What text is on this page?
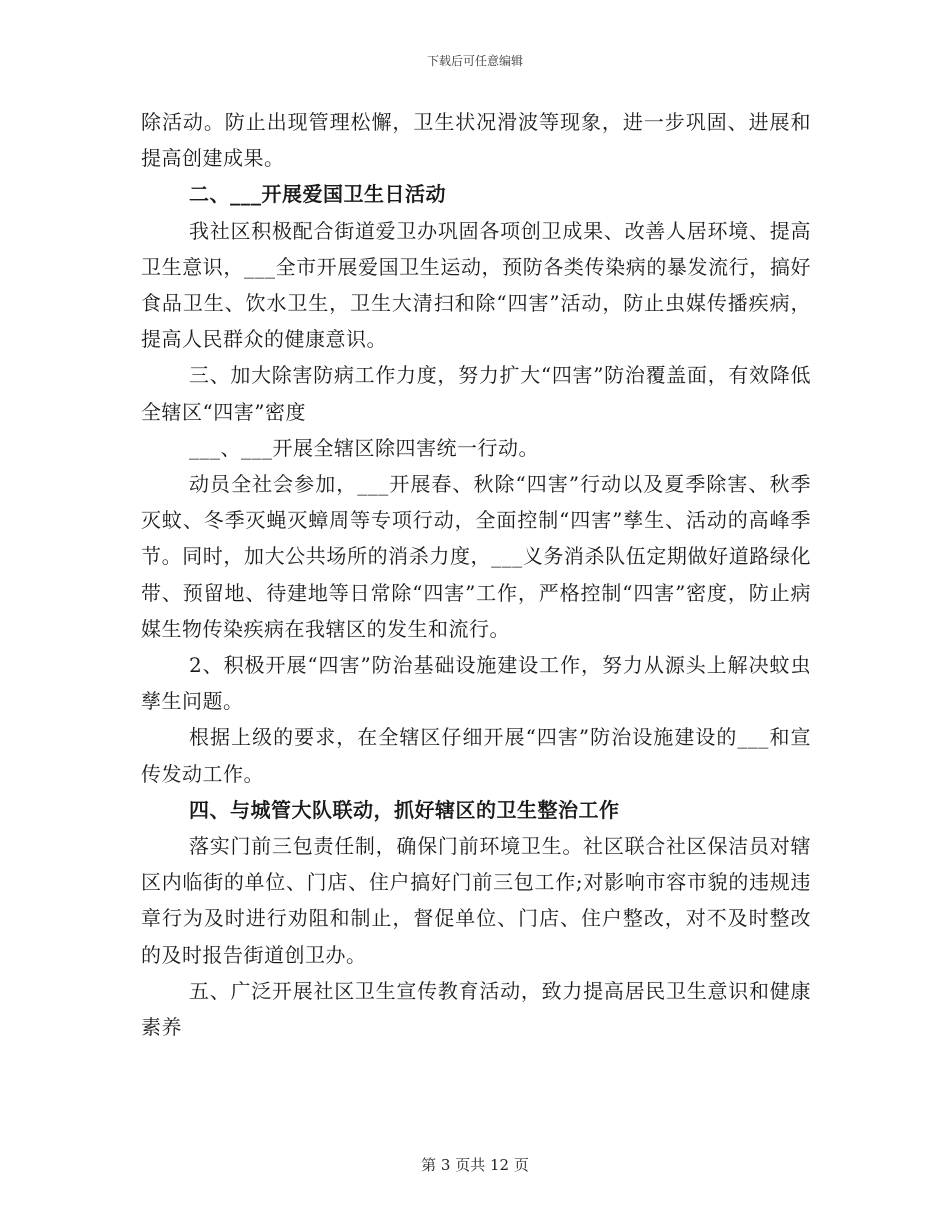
下载后可任意编辑

除活动。防止出现管理松懈，卫生状况滑波等现象，进一步巩固、进展和提高创建成果。

二、___开展爱国卫生日活动

我社区积极配合街道爱卫办巩固各项创卫成果、改善人居环境、提高卫生意识，___全市开展爱国卫生运动，预防各类传染病的暴发流行，搞好食品卫生、饮水卫生，卫生大清扫和除“四害”活动，防止虫媒传播疾病，提高人民群众的健康意识。

三、加大除害防病工作力度，努力扩大“四害”防治覆盖面，有效降低全辖区“四害”密度

___、___开展全辖区除四害统一行动。

动员全社会参加，___开展春、秋除“四害”行动以及夏季除害、秋季灭蚊、冬季灭蝇灭蟑周等专项行动，全面控制“四害”孳生、活动的高峰季节。同时，加大公共场所的消杀力度，___义务消杀队伍定期做好道路绿化带、预留地、待建地等日常除“四害”工作，严格控制“四害”密度，防止病媒生物传染疾病在我辖区的发生和流行。

2、积极开展“四害”防治基础设施建设工作，努力从源头上解决蚊虫孳生问题。

根据上级的要求，在全辖区仔细开展“四害”防治设施建设的___和宣传发动工作。

四、与城管大队联动，抓好辖区的卫生整治工作

落实门前三包责任制，确保门前环境卫生。社区联合社区保洁员对辖区内临街的单位、门店、住户搞好门前三包工作;对影响市容市貌的违规违章行为及时进行劝阻和制止，督促单位、门店、住户整改，对不及时整改的及时报告街道创卫办。

五、广泛开展社区卫生宣传教育活动，致力提高居民卫生意识和健康素养

第 3 页共 12 页
